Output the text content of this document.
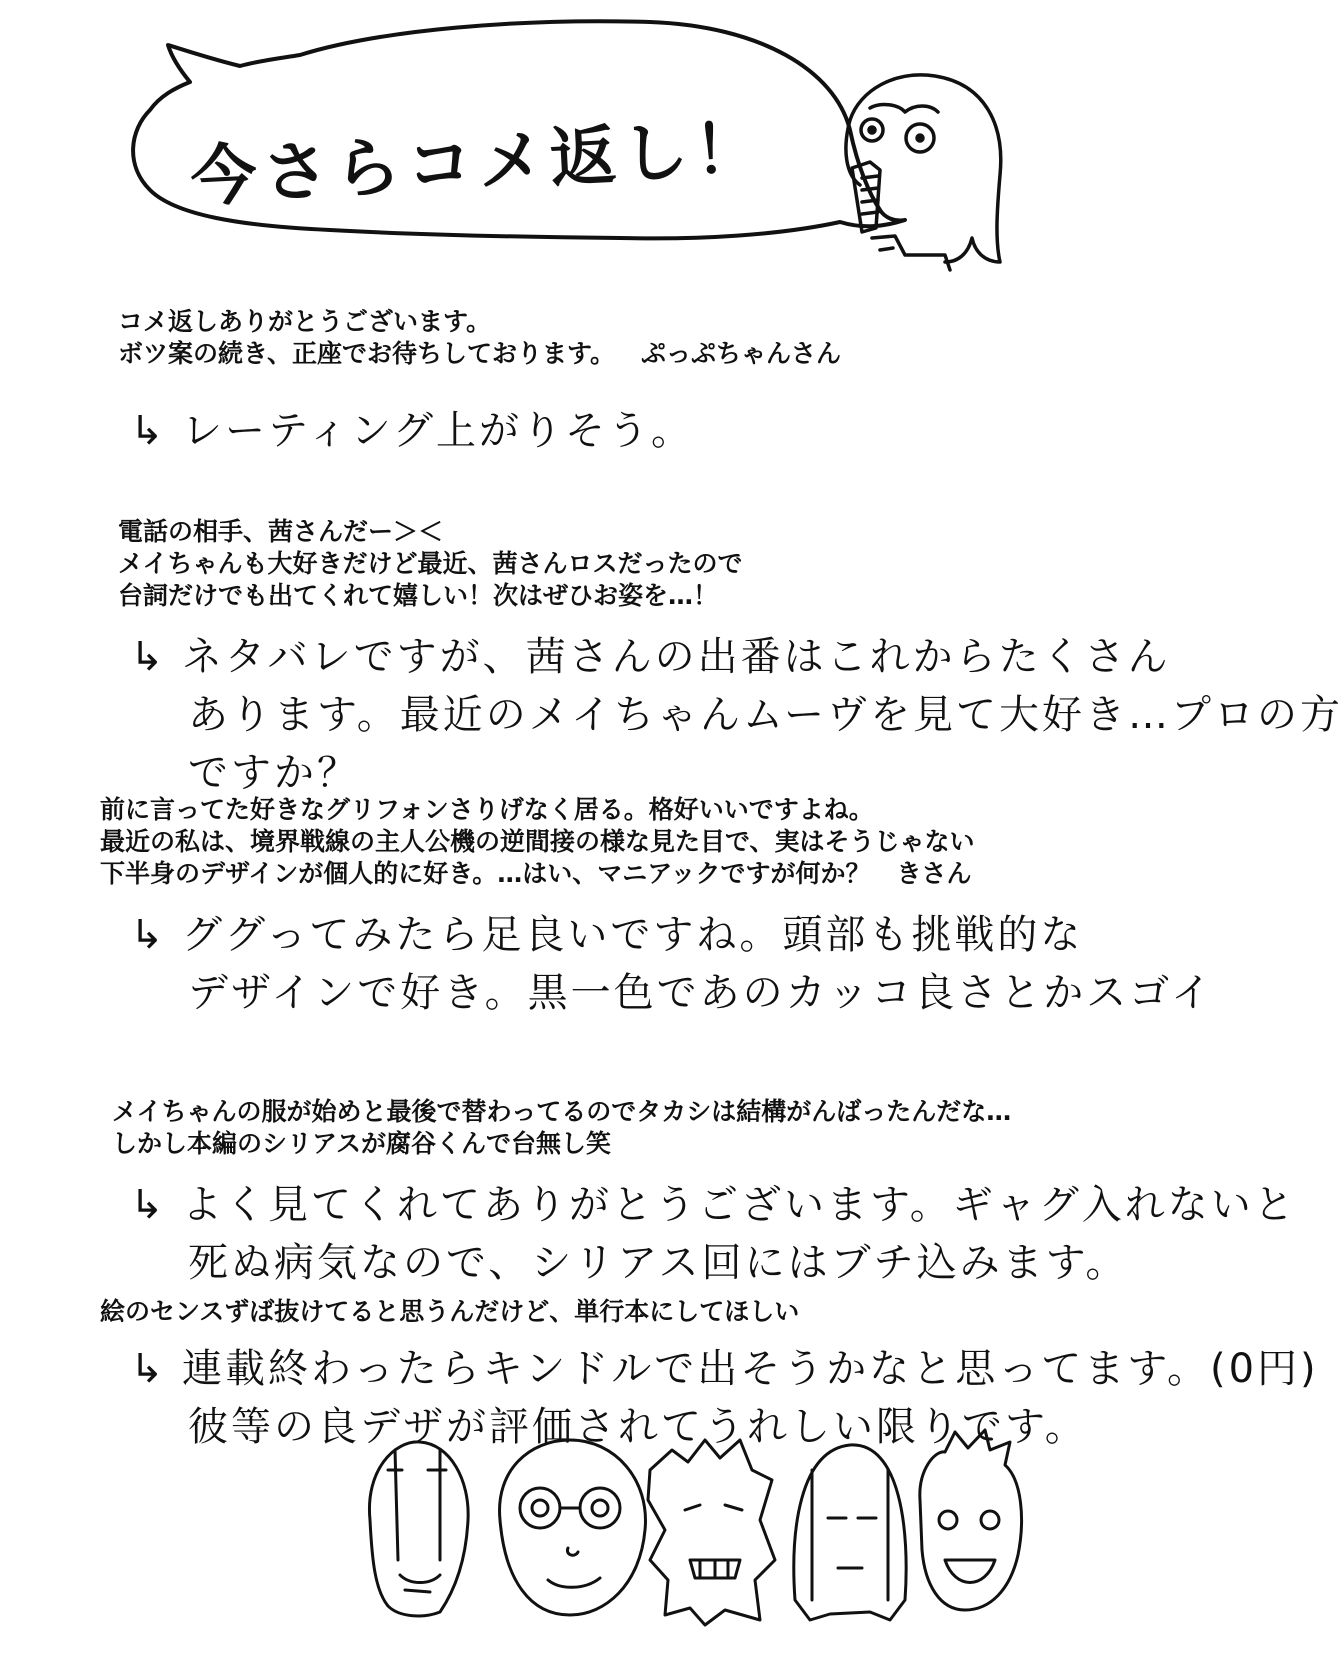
今さらコメ返し！
コメ返しありがとうございます。
ボツ案の続き、正座でお待ちしております。 ぷっぷちゃんさん
↳ レーティング上がりそう。
電話の相手、茜さんだー＞＜
メイちゃんも大好きだけど最近、茜さんロスだったので
台詞だけでも出てくれて嬉しい！次はぜひお姿を…！
↳ ネタバレですが、茜さんの出番はこれからたくさん
あります。最近のメイちゃんムーヴを見て大好き…プロの方
ですか？
前に言ってた好きなグリフォンさりげなく居る。格好いいですよね。
最近の私は、境界戦線の主人公機の逆間接の様な見た目で、実はそうじゃない
下半身のデザインが個人的に好き。…はい、マニアックですが何か？ きさん
↳ ググってみたら足良いですね。頭部も挑戦的な
デザインで好き。黒一色であのカッコ良さとかスゴイ
メイちゃんの服が始めと最後で替わってるのでタカシは結構がんばったんだな…
しかし本編のシリアスが腐谷くんで台無し笑
↳ よく見てくれてありがとうございます。ギャグ入れないと
死ぬ病気なので、シリアス回にはブチ込みます。
絵のセンスずば抜けてると思うんだけど、単行本にしてほしい
↳ 連載終わったらキンドルで出そうかなと思ってます。(0円)
彼等の良デザが評価されてうれしい限りです。
